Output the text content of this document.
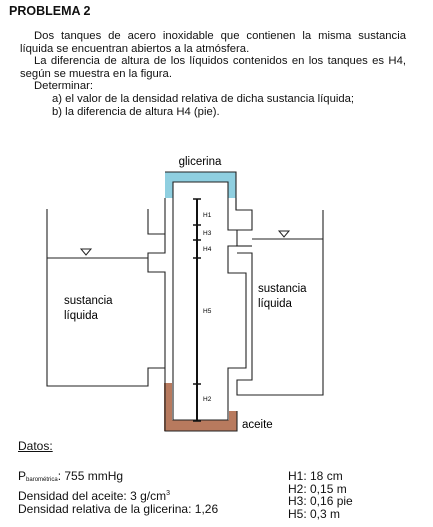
PROBLEMA 2

Dos tanques de acero inoxidable que contienen la misma sustancia líquida se encuentran abiertos a la atmósfera.

La diferencia de altura de los líquidos contenidos en los tanques es H4, según se muestra en la figura.

Determinar:

a) el valor de la densidad relativa de dicha sustancia líquida;

b) la diferencia de altura H4 (pie).

glicerina
H1
H3
H4
H5
H2
sustancia
líquida
sustancia
líquida
aceite
Datos:
$P_{barométrica}$: 755 mmHg
Densidad del aceite: 3 $g/cm^3$
Densidad relativa de la glicerina: 1,26
H1: 18 cm
H2: 0,15 m
H3: 0,16 pie
H5: 0,3 m
